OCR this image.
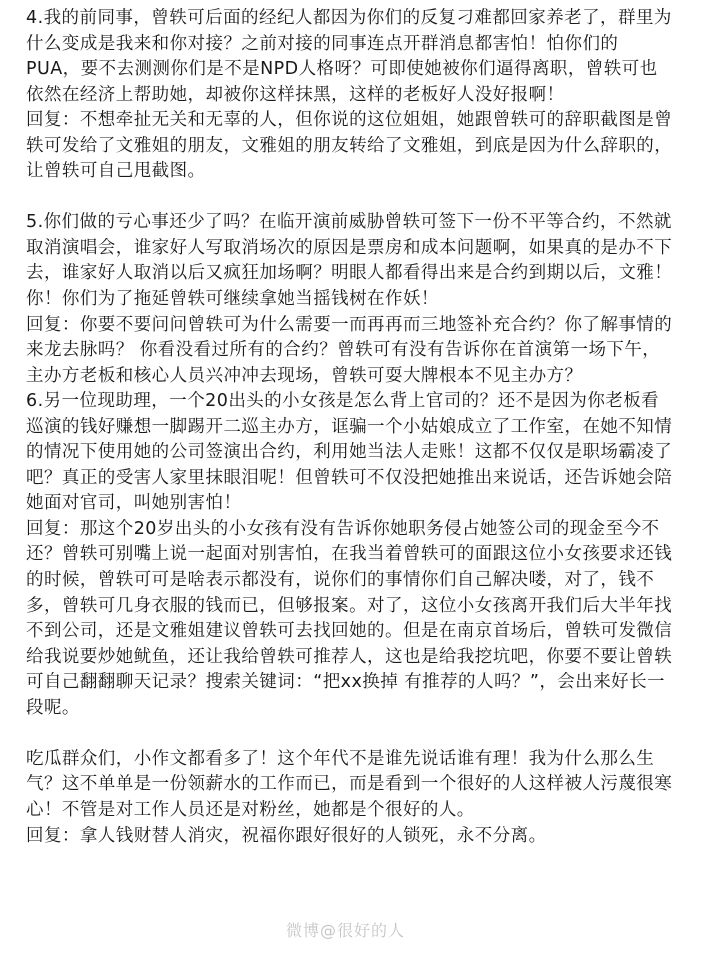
4.我的前同事，曾轶可后面的经纪人都因为你们的反复刁难都回家养老了，群里为
什么变成是我来和你对接？之前对接的同事连点开群消息都害怕！怕你们的
PUA，要不去测测你们是不是NPD人格呀？可即使她被你们逼得离职，曾轶可也
依然在经济上帮助她，却被你这样抹黑，这样的老板好人没好报啊！
回复：不想牵扯无关和无辜的人，但你说的这位姐姐，她跟曾轶可的辞职截图是曾
轶可发给了文雅姐的朋友，文雅姐的朋友转给了文雅姐，到底是因为什么辞职的，
让曾轶可自己甩截图。
5.你们做的亏心事还少了吗？在临开演前威胁曾轶可签下一份不平等合约，不然就
取消演唱会，谁家好人写取消场次的原因是票房和成本问题啊，如果真的是办不下
去，谁家好人取消以后又疯狂加场啊？明眼人都看得出来是合约到期以后，文雅！
你！你们为了拖延曾轶可继续拿她当摇钱树在作妖！
回复：你要不要问问曾轶可为什么需要一而再再而三地签补充合约？你了解事情的
来龙去脉吗？ 你看没看过所有的合约？曾轶可有没有告诉你在首演第一场下午，
主办方老板和核心人员兴冲冲去现场，曾轶可耍大牌根本不见主办方？
6.另一位现助理，一个20出头的小女孩是怎么背上官司的？还不是因为你老板看
巡演的钱好赚想一脚踢开二巡主办方，诓骗一个小姑娘成立了工作室，在她不知情
的情况下使用她的公司签演出合约，利用她当法人走账！这都不仅仅是职场霸凌了
吧？真正的受害人家里抹眼泪呢！但曾轶可不仅没把她推出来说话，还告诉她会陪
她面对官司，叫她别害怕！
回复：那这个20岁出头的小女孩有没有告诉你她职务侵占她签公司的现金至今不
还？曾轶可别嘴上说一起面对别害怕，在我当着曾轶可的面跟这位小女孩要求还钱
的时候，曾轶可可是啥表示都没有，说你们的事情你们自己解决喽，对了，钱不
多，曾轶可几身衣服的钱而已，但够报案。对了，这位小女孩离开我们后大半年找
不到公司，还是文雅姐建议曾轶可去找回她的。但是在南京首场后，曾轶可发微信
给我说要炒她鱿鱼，还让我给曾轶可推荐人，这也是给我挖坑吧，你要不要让曾轶
可自己翻翻聊天记录？搜索关键词：“把xx换掉 有推荐的人吗？”，会出来好长一
段呢。
吃瓜群众们，小作文都看多了！这个年代不是谁先说话谁有理！我为什么那么生
气？这不单单是一份领薪水的工作而已，而是看到一个很好的人这样被人污蔑很寒
心！不管是对工作人员还是对粉丝，她都是个很好的人。
回复：拿人钱财替人消灾，祝福你跟好很好的人锁死，永不分离。
微博@很好的人
